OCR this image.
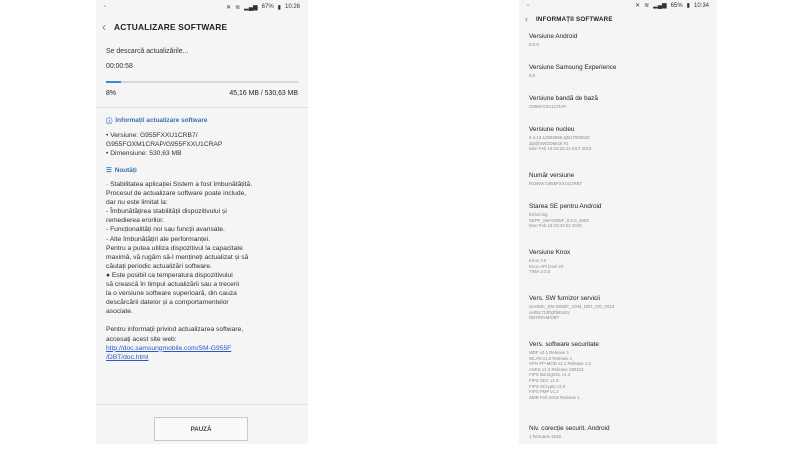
▫	✕ ≋ ▂▄▆ 67% ▮ 10:26
‹ ACTUALIZARE SOFTWARE
Se descarcă actualizările...
00:00:58
8%	45,16 MB / 530,63 MB
ⓘ Informații actualizare software
• Versiune: G955FXXU1CRB7/
G955FOXM1CRAP/G955FXXU1CRAP
• Dimensiune: 530,63 MB
☰ Noutăți

· Stabilitatea aplicației Sistem a fost îmbunătățită.

Procesul de actualizare software poate include,

dar nu este limitat la:

- Îmbunătățirea stabilității dispozitivului și

remedierea erorilor.

- Funcționalități noi sau funcții avansate.

- Alte îmbunătățiri ale performanței.

Pentru a putea utiliza dispozitivul la capacitate

maximă, vă rugăm să-l mențineți actualizat și să

căutați periodic actualizări software.

● Este posibil ca temperatura dispozitivului

să crească în timpul actualizării sau a trecerii

la o versiune software superioară, din cauza

descărcării datelor și a comportamentelor

asociate.

Pentru informații privind actualizarea software,

accesați acest site web:

http://doc.samsungmobile.com/SM-G955F

/DBT/doc.html

PAUZĂ
▫	✕ ≋ ▂▄▆ 65% ▮ 10:34
‹ INFORMAȚII SOFTWARE
Versiune Android
8.0.0
Versiune Samsung Experience
9.0
Versiune bandă de bază
G955FXXU1CRAP
Versiune nucleu
4.4.13-12993656-QB17006520
dpi@SWDD6816 #1
Mon Feb 19 23:22:14 KST 2018
Număr versiune
R16NW.G955FXXU1CRB7
Starea SE pentru Android
Enforcing
SEPF_SM-G955F_8.0.0_0003
Mon Feb 19 23:44:02 2018
Versiune Knox
Knox 3.0
Knox API level 24
TIMA 3.3.0
Vers. SW furnizor servicii
SAOMC_SM-G955F_OXM_DBT_OO_0013
ce051713f52fb8240c
DBT/ROM/DBT
Vers. software securitate
MDF v3.1 Release 1
WLAN v1.0 Release 1
VPN PP-MOD v2.1 Release 1.0
ASKS v1.4 Release 180123
FIPS BoringSSL v1.2
FIPS SKC v1.9
FIPS SCrypto v2.0
FIPS FMP v1.2
SMR Feb-2018 Release 1
Niv. corecție securit. Android
1 februarie 2018
